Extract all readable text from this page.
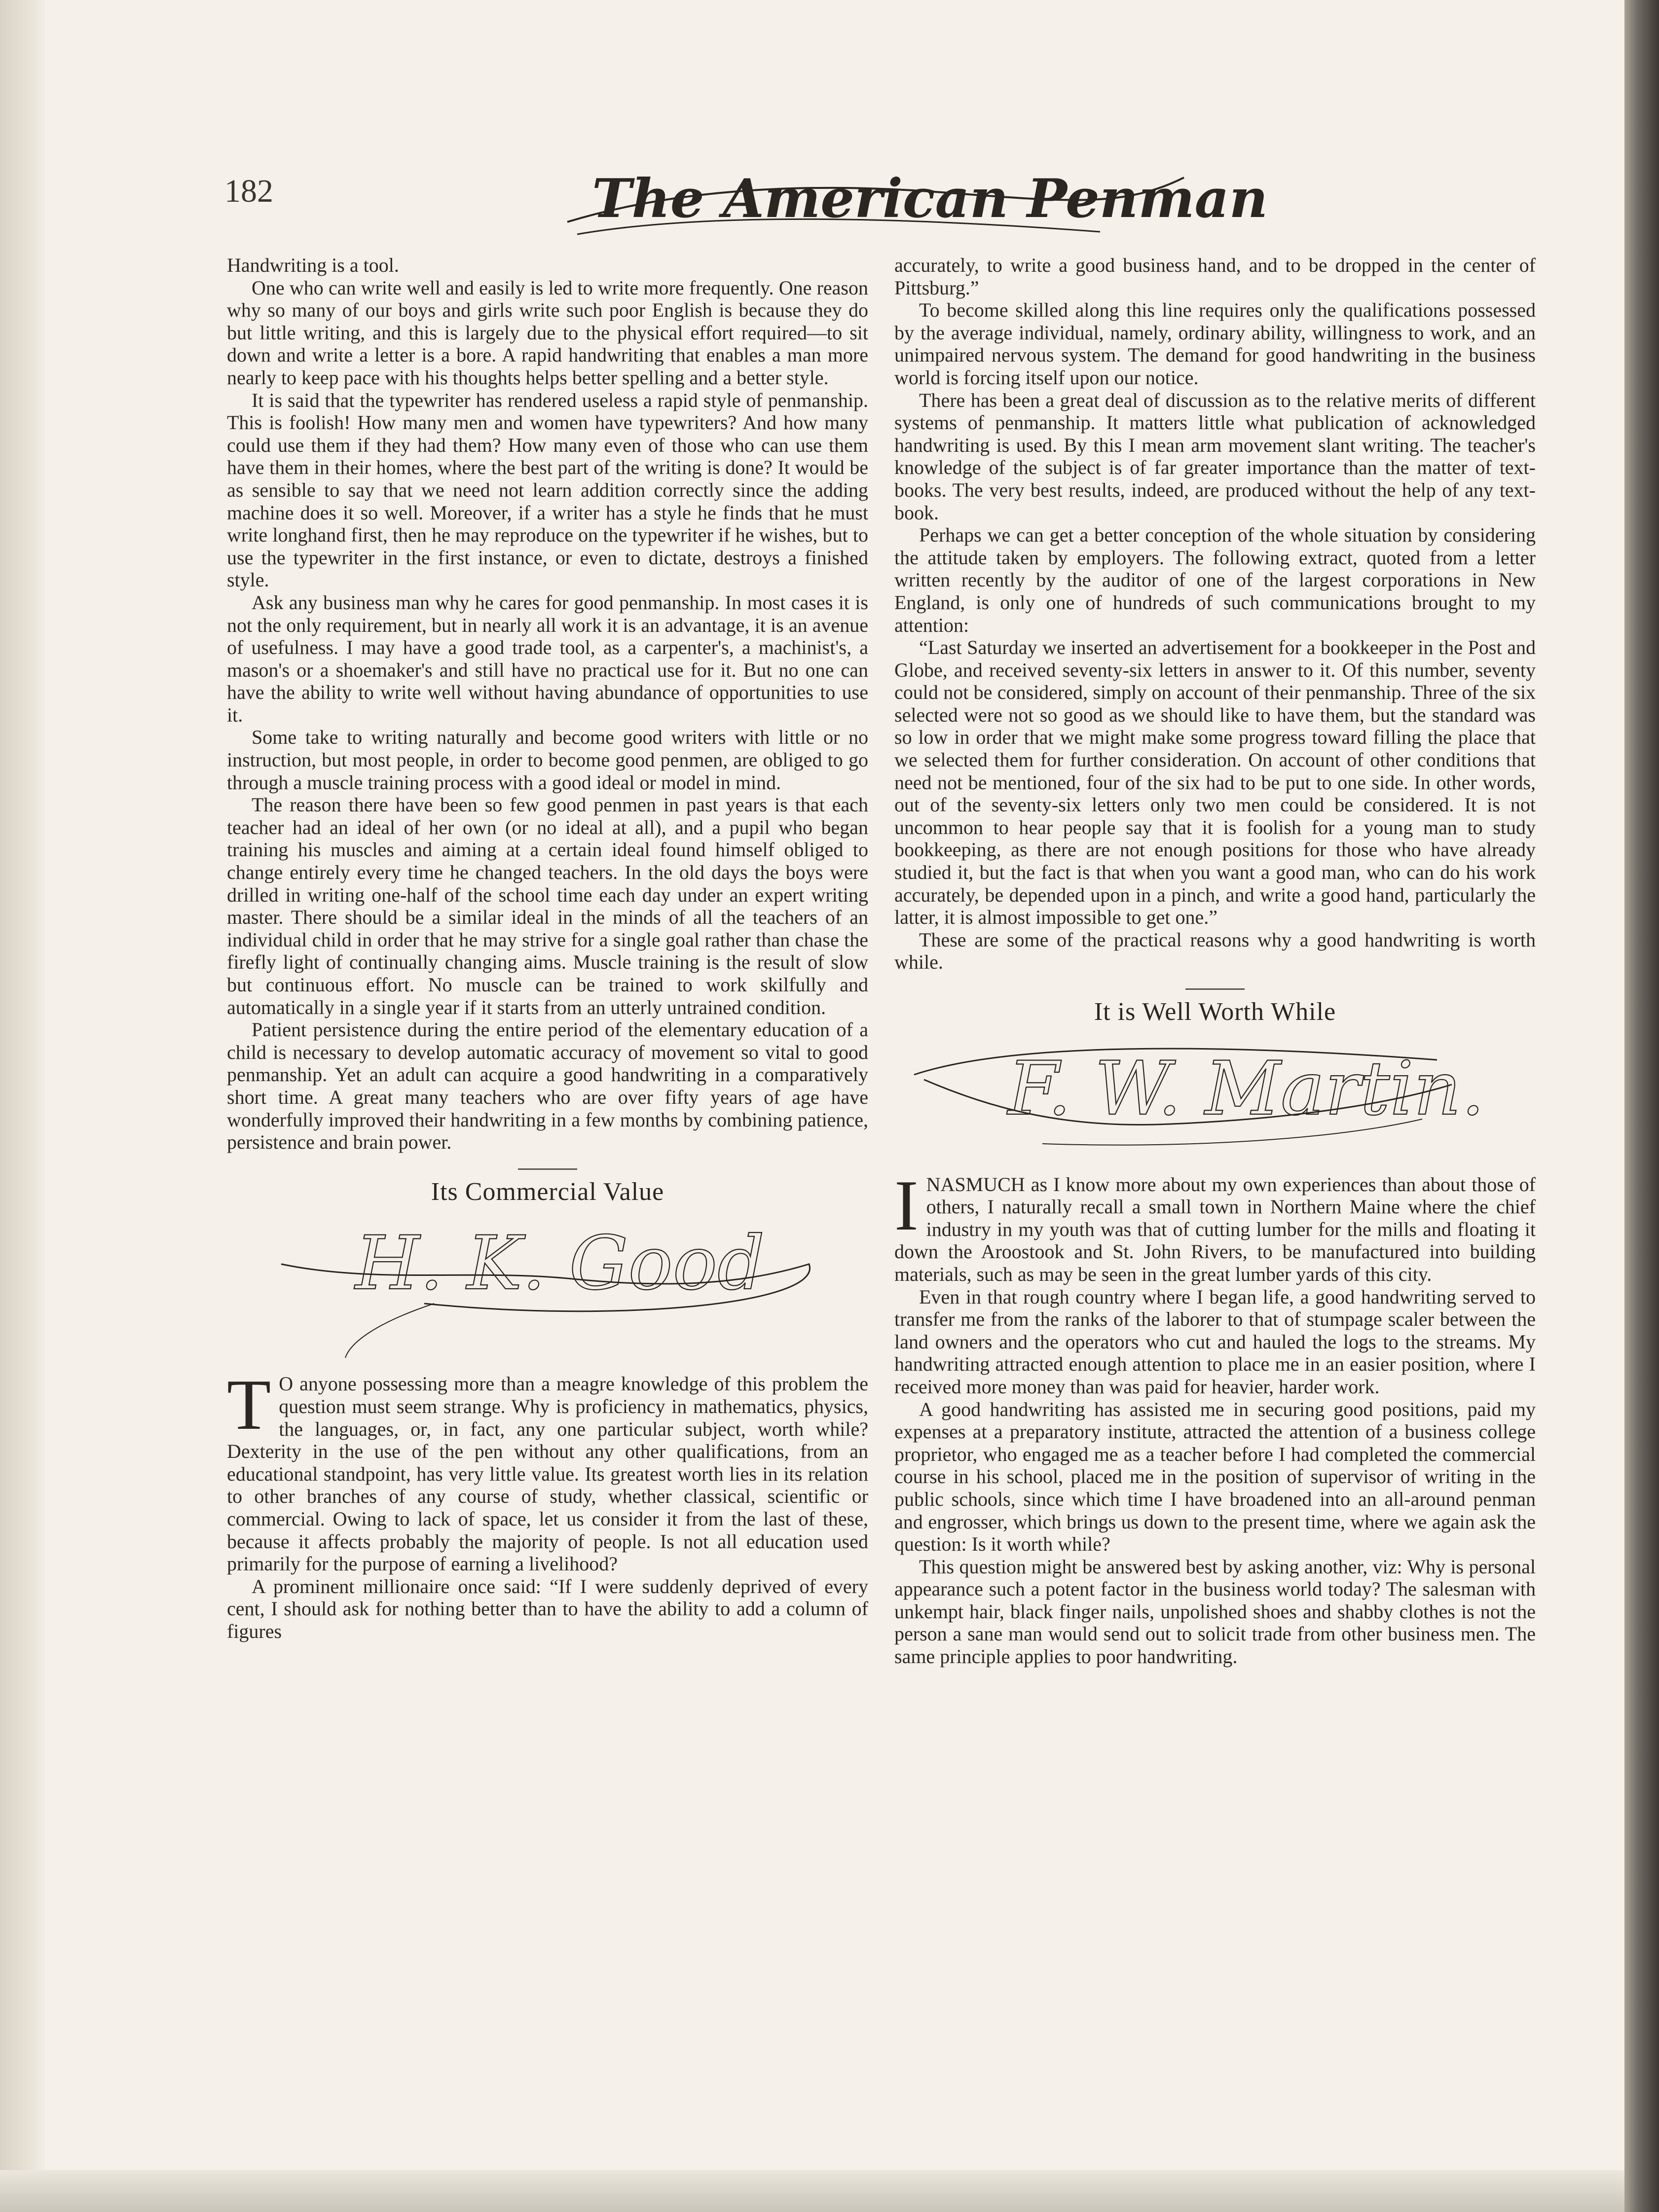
182	The American Penman

Handwriting is a tool.

One who can write well and easily is led to write more frequently. One reason why so many of our boys and girls write such poor English is because they do but little writing, and this is largely due to the physical effort required—to sit down and write a letter is a bore. A rapid handwriting that enables a man more nearly to keep pace with his thoughts helps better spelling and a better style.

It is said that the typewriter has rendered useless a rapid style of penmanship. This is foolish! How many men and women have typewriters? And how many could use them if they had them? How many even of those who can use them have them in their homes, where the best part of the writing is done? It would be as sensible to say that we need not learn addition correctly since the adding machine does it so well. Moreover, if a writer has a style he finds that he must write longhand first, then he may reproduce on the typewriter if he wishes, but to use the typewriter in the first instance, or even to dictate, destroys a finished style.

Ask any business man why he cares for good penmanship. In most cases it is not the only requirement, but in nearly all work it is an advantage, it is an avenue of usefulness. I may have a good trade tool, as a carpenter's, a machinist's, a mason's or a shoemaker's and still have no practical use for it. But no one can have the ability to write well without having abundance of opportunities to use it.

Some take to writing naturally and become good writers with little or no instruction, but most people, in order to become good penmen, are obliged to go through a muscle training process with a good ideal or model in mind.

The reason there have been so few good penmen in past years is that each teacher had an ideal of her own (or no ideal at all), and a pupil who began training his muscles and aiming at a certain ideal found himself obliged to change entirely every time he changed teachers. In the old days the boys were drilled in writing one-half of the school time each day under an expert writing master. There should be a similar ideal in the minds of all the teachers of an individual child in order that he may strive for a single goal rather than chase the firefly light of continually changing aims. Muscle training is the result of slow but continuous effort. No muscle can be trained to work skilfully and automatically in a single year if it starts from an utterly untrained condition.

Patient persistence during the entire period of the elementary education of a child is necessary to develop automatic accuracy of movement so vital to good penmanship. Yet an adult can acquire a good handwriting in a comparatively short time. A great many teachers who are over fifty years of age have wonderfully improved their handwriting in a few months by combining patience, persistence and brain power.

Its Commercial Value
H. K. Good

T O anyone possessing more than a meagre knowledge of this problem the question must seem strange. Why is proficiency in mathematics, physics, the languages, or, in fact, any one particular subject, worth while? Dexterity in the use of the pen without any other qualifications, from an educational standpoint, has very little value. Its greatest worth lies in its relation to other branches of any course of study, whether classical, scientific or commercial. Owing to lack of space, let us consider it from the last of these, because it affects probably the majority of people. Is not all education used primarily for the purpose of earning a livelihood?

A prominent millionaire once said: “If I were suddenly deprived of every cent, I should ask for nothing better than to have the ability to add a column of figures

accurately, to write a good business hand, and to be dropped in the center of Pittsburg.”

To become skilled along this line requires only the qualifications possessed by the average individual, namely, ordinary ability, willingness to work, and an unimpaired nervous system. The demand for good handwriting in the business world is forcing itself upon our notice.

There has been a great deal of discussion as to the relative merits of different systems of penmanship. It matters little what publication of acknowledged handwriting is used. By this I mean arm movement slant writing. The teacher's knowledge of the subject is of far greater importance than the matter of text-books. The very best results, indeed, are produced without the help of any text-book.

Perhaps we can get a better conception of the whole situation by considering the attitude taken by employers. The following extract, quoted from a letter written recently by the auditor of one of the largest corporations in New England, is only one of hundreds of such communications brought to my attention:

“Last Saturday we inserted an advertisement for a bookkeeper in the Post and Globe, and received seventy-six letters in answer to it. Of this number, seventy could not be considered, simply on account of their penmanship. Three of the six selected were not so good as we should like to have them, but the standard was so low in order that we might make some progress toward filling the place that we selected them for further consideration. On account of other conditions that need not be mentioned, four of the six had to be put to one side. In other words, out of the seventy-six letters only two men could be considered. It is not uncommon to hear people say that it is foolish for a young man to study bookkeeping, as there are not enough positions for those who have already studied it, but the fact is that when you want a good man, who can do his work accurately, be depended upon in a pinch, and write a good hand, particularly the latter, it is almost impossible to get one.”

These are some of the practical reasons why a good handwriting is worth while.

It is Well Worth While
F. W. Martin.

INASMUCH as I know more about my own experiences than about those of others, I naturally recall a small town in Northern Maine where the chief industry in my youth was that of cutting lumber for the mills and floating it down the Aroostook and St. John Rivers, to be manufactured into building materials, such as may be seen in the great lumber yards of this city.

Even in that rough country where I began life, a good handwriting served to transfer me from the ranks of the laborer to that of stumpage scaler between the land owners and the operators who cut and hauled the logs to the streams. My handwriting attracted enough attention to place me in an easier position, where I received more money than was paid for heavier, harder work.

A good handwriting has assisted me in securing good positions, paid my expenses at a preparatory institute, attracted the attention of a business college proprietor, who engaged me as a teacher before I had completed the commercial course in his school, placed me in the position of supervisor of writing in the public schools, since which time I have broadened into an all-around penman and engrosser, which brings us down to the present time, where we again ask the question: Is it worth while?

This question might be answered best by asking another, viz: Why is personal appearance such a potent factor in the business world today? The salesman with unkempt hair, black finger nails, unpolished shoes and shabby clothes is not the person a sane man would send out to solicit trade from other business men. The same principle applies to poor handwriting.
